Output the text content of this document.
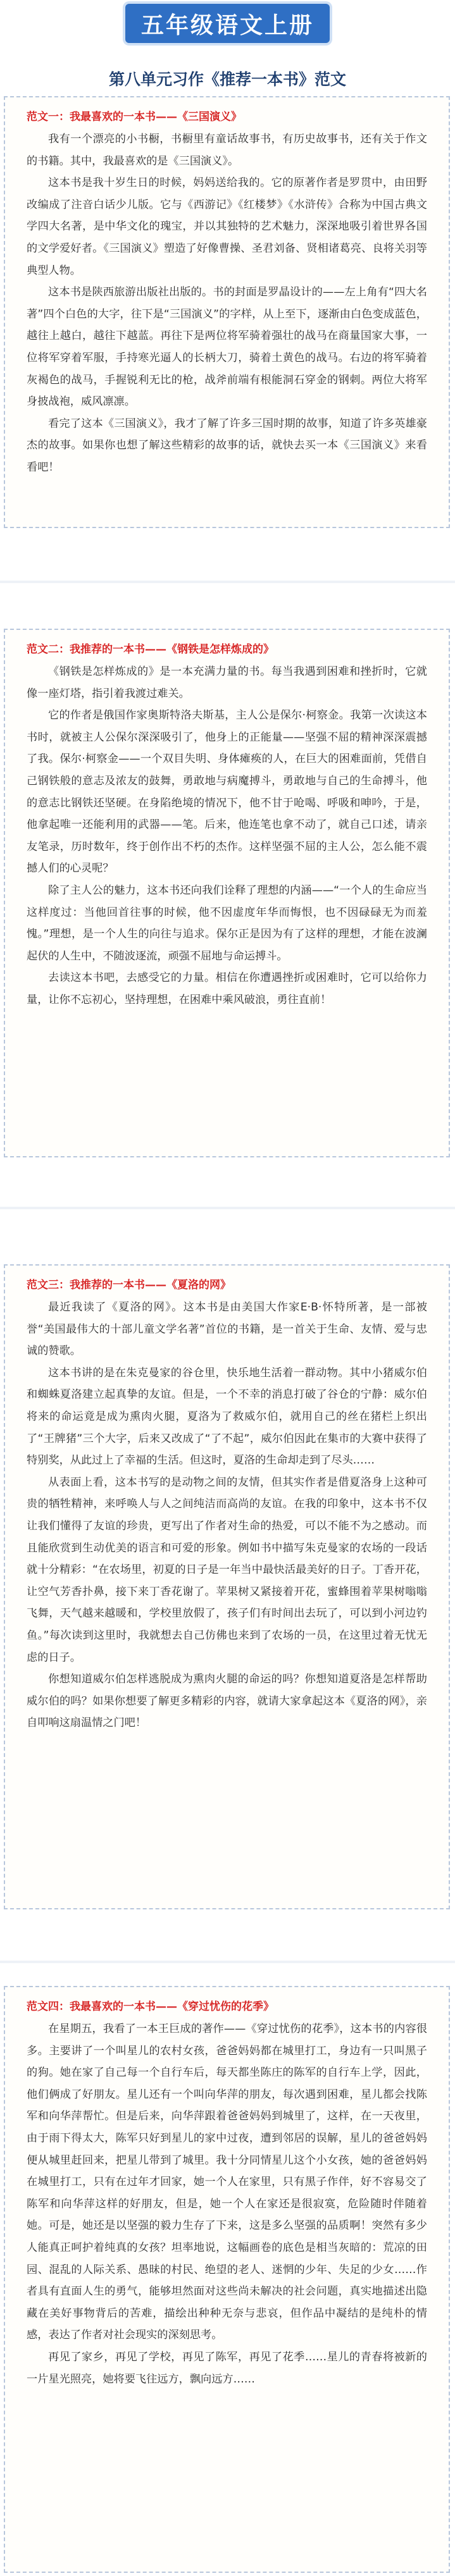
五年级语文上册
第八单元习作《推荐一本书》范文
范文一：我最喜欢的一本书——《三国演义》

我有一个漂亮的小书橱，书橱里有童话故事书，有历史故事书，还有关于作文的书籍。其中，我最喜欢的是《三国演义》。

这本书是我十岁生日的时候，妈妈送给我的。它的原著作者是罗贯中，由田野改编成了注音白话少儿版。它与《西游记》《红楼梦》《水浒传》合称为中国古典文学四大名著，是中华文化的瑰宝，并以其独特的艺术魅力，深深地吸引着世界各国的文学爱好者。《三国演义》塑造了好像曹操、圣君刘备、贤相诸葛亮、良将关羽等典型人物。

这本书是陕西旅游出版社出版的。书的封面是罗晶设计的——左上角有“四大名著”四个白色的大字，往下是“三国演义”的字样，从上至下，逐渐由白色变成蓝色，越往上越白，越往下越蓝。再往下是两位将军骑着强壮的战马在商量国家大事，一位将军穿着军服，手持寒光逼人的长柄大刀，骑着土黄色的战马。右边的将军骑着灰褐色的战马，手握锐利无比的枪，战斧前端有根能洞石穿金的钢刺。两位大将军身披战袍，威风凛凛。

看完了这本《三国演义》，我才了解了许多三国时期的故事，知道了许多英雄豪杰的故事。如果你也想了解这些精彩的故事的话，就快去买一本《三国演义》来看看吧！

范文二：我推荐的一本书——《钢铁是怎样炼成的》

《钢铁是怎样炼成的》是一本充满力量的书。每当我遇到困难和挫折时，它就像一座灯塔，指引着我渡过难关。

它的作者是俄国作家奥斯特洛夫斯基，主人公是保尔·柯察金。我第一次读这本书时，就被主人公保尔深深吸引了，他身上的正能量——坚强不屈的精神深深震撼了我。保尔·柯察金——一个双目失明、身体瘫痪的人，在巨大的困难面前，凭借自己钢铁般的意志及浓友的鼓舞，勇敢地与病魔搏斗，勇敢地与自己的生命搏斗，他的意志比钢铁还坚硬。在身陷绝境的情况下，他不甘于呛喝、呼吸和呻吟，于是，他拿起唯一还能利用的武器——笔。后来，他连笔也拿不动了，就自己口述，请亲友笔录，历时数年，终于创作出不朽的杰作。这样坚强不屈的主人公，怎么能不震撼人们的心灵呢？

除了主人公的魅力，这本书还向我们诠释了理想的内涵——“一个人的生命应当这样度过：当他回首往事的时候，他不因虚度年华而悔恨，也不因碌碌无为而羞愧。”理想，是一个人生的向往与追求。保尔正是因为有了这样的理想，才能在波澜起伏的人生中，不随波逐流，顽强不屈地与命运搏斗。

去读这本书吧，去感受它的力量。相信在你遭遇挫折或困难时，它可以给你力量，让你不忘初心，坚持理想，在困难中乘风破浪，勇往直前！

范文三：我推荐的一本书——《夏洛的网》

最近我读了《夏洛的网》。这本书是由美国大作家E·B·怀特所著，是一部被誉“美国最伟大的十部儿童文学名著”首位的书籍，是一首关于生命、友情、爱与忠诚的赞歌。

这本书讲的是在朱克曼家的谷仓里，快乐地生活着一群动物。其中小猪威尔伯和蜘蛛夏洛建立起真挚的友谊。但是，一个不幸的消息打破了谷仓的宁静：威尔伯将来的命运竟是成为熏肉火腿，夏洛为了救威尔伯，就用自己的丝在猪栏上织出了“王牌猪”三个大字，后来又改成了“了不起”，威尔伯因此在集市的大赛中获得了特别奖，从此过上了幸福的生活。但这时，夏洛的生命却走到了尽头……

从表面上看，这本书写的是动物之间的友情，但其实作者是借夏洛身上这种可贵的牺牲精神，来呼唤人与人之间纯洁而高尚的友谊。在我的印象中，这本书不仅让我们懂得了友谊的珍贵，更写出了作者对生命的热爱，可以不能不为之感动。而且能欣赏到生动优美的语言和可爱的形象。例如书中描写朱克曼家的农场的一段话就十分精彩：“在农场里，初夏的日子是一年当中最快活最美好的日子。丁香开花，让空气芳香扑鼻，接下来丁香花谢了。苹果树又紧接着开花，蜜蜂围着苹果树嗡嗡飞舞，天气越来越暖和，学校里放假了，孩子们有时间出去玩了，可以到小河边钓鱼。”每次读到这里时，我就想去自己仿佛也来到了农场的一员，在这里过着无忧无虑的日子。

你想知道威尔伯怎样逃脱成为熏肉火腿的命运的吗？你想知道夏洛是怎样帮助威尔伯的吗？如果你想要了解更多精彩的内容，就请大家拿起这本《夏洛的网》，亲自叩响这扇温情之门吧！

范文四：我最喜欢的一本书——《穿过忧伤的花季》

在星期五，我看了一本王巨成的著作——《穿过忧伤的花季》，这本书的内容很多。主要讲了一个叫星儿的农村女孩，爸爸妈妈都在城里打工，身边有一只叫黑子的狗。她在家了自己每一个自行车后，每天都坐陈庄的陈军的自行车上学，因此，他们俩成了好朋友。星儿还有一个叫向华萍的朋友，每次遇到困难，星儿都会找陈军和向华萍帮忙。但是后来，向华萍跟着爸爸妈妈到城里了，这样，在一天夜里，由于雨下得太大，陈军只好到星儿的家中过夜，遭到邻居的误解，星儿的爸爸妈妈便从城里赶回来，把星儿带到了城里。我十分同情星儿这个小女孩，她的爸爸妈妈在城里打工，只有在过年才回家，她一个人在家里，只有黑子作伴，好不容易交了陈军和向华萍这样的好朋友，但是，她一个人在家还是很寂寞，危险随时伴随着她。可是，她还是以坚强的毅力生存了下来，这是多么坚强的品质啊！突然有多少人能真正呵护着纯真的女孩？坦率地说，这幅画卷的底色是相当灰暗的：荒凉的田园、混乱的人际关系、愚昧的村民、绝望的老人、迷惘的少年、失足的少女……作者具有直面人生的勇气，能够坦然面对这些尚未解决的社会问题，真实地描述出隐藏在美好事物背后的苦难，描绘出种种无奈与悲哀，但作品中凝结的是纯朴的情感，表达了作者对社会现实的深刻思考。

再见了家乡，再见了学校，再见了陈军，再见了花季……星儿的青春将被新的一片星光照亮，她将要飞往远方，飘向远方……
